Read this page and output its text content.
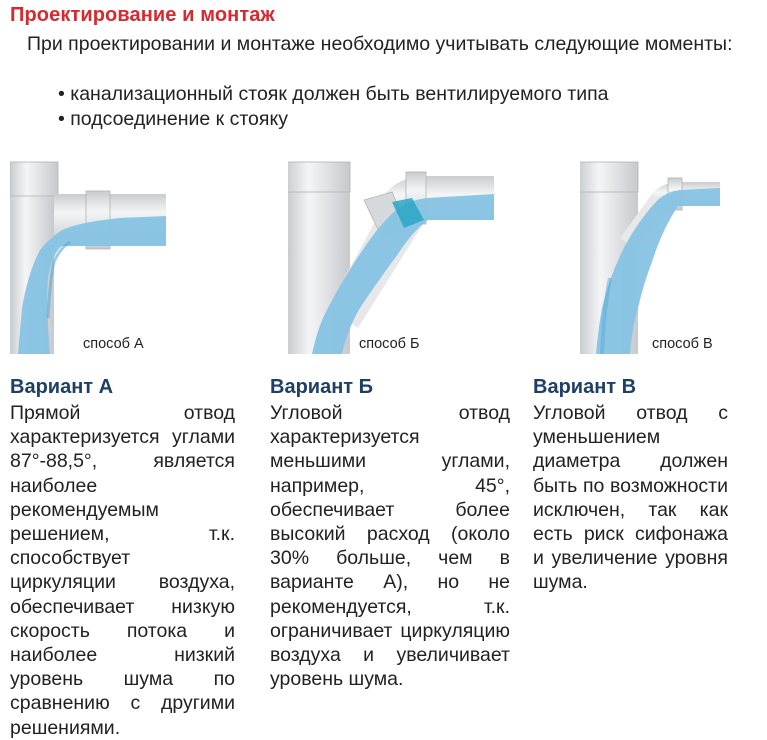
Проектирование и монтаж
При проектировании и монтаже необходимо учитывать следующие моменты:
• канализационный стояк должен быть вентилируемого типа
• подсоединение к стояку
способ А	способ Б	способ В
Вариант А	Вариант Б	Вариант В

Прямой отвод характеризуется углами 87°-88,5°, является наиболее рекомендуемым решением, т.к. способствует циркуляции воздуха, обеспечивает низкую скорость потока и наиболее низкий уровень шума по сравнению с другими решениями.

Угловой отвод характеризуется меньшими углами, например, 45°, обеспечивает более высокий расход (около 30% больше, чем в варианте А), но не рекомендуется, т.к. ограничивает циркуляцию воздуха и увеличивает уровень шума.

Угловой отвод с уменьшением диаметра должен быть по возможности исключен, так как есть риск сифонажа и увеличение уровня шума.
